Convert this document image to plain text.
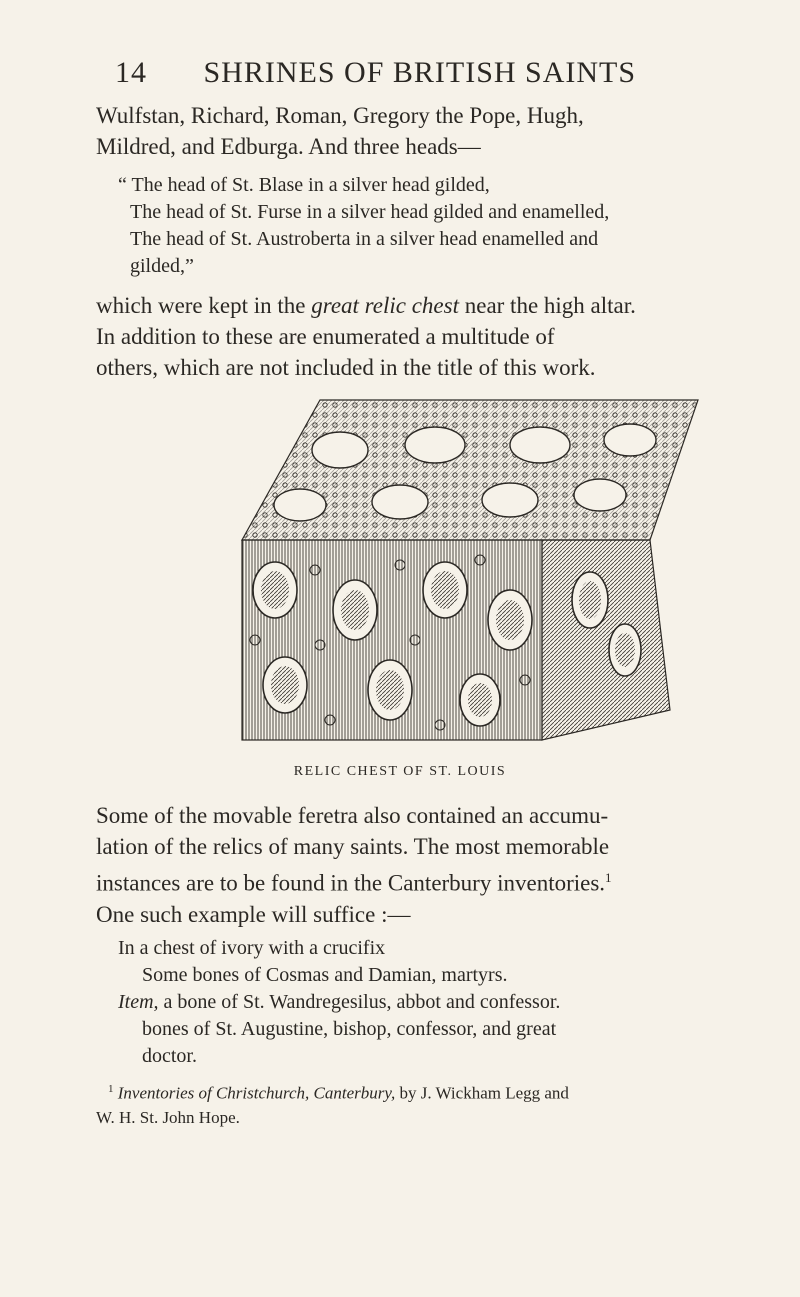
14 SHRINES OF BRITISH SAINTS
Wulfstan, Richard, Roman, Gregory the Pope, Hugh,
Mildred, and Edburga. And three heads—
“ The head of St. Blase in a silver head gilded,
The head of St. Furse in a silver head gilded and enamelled,
The head of St. Austroberta in a silver head enamelled and
gilded,”
which were kept in the great relic chest near the high altar.
In addition to these are enumerated a multitude of
others, which are not included in the title of this work.
RELIC CHEST OF ST. LOUIS
Some of the movable feretra also contained an accumu-
lation of the relics of many saints. The most memorable
instances are to be found in the Canterbury inventories.$^1$
One such example will suffice :—
In a chest of ivory with a crucifix
Some bones of Cosmas and Damian, martyrs.
Item, a bone of St. Wandregesilus, abbot and confessor.
bones of St. Augustine, bishop, confessor, and great
doctor.
$^1$ Inventories of Christchurch, Canterbury, by J. Wickham Legg and
W. H. St. John Hope.
